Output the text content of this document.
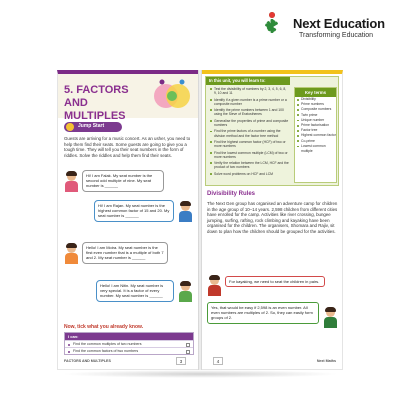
Next Education
Transforming Education
5. FACTORS AND MULTIPLES
Jump Start
Guests are arriving for a music concert. As an usher, you need to help them find their seats. Some guests are going to give you a tough time. They will tell you their seat numbers in the form of riddles. Solve the riddles and help them find their seats.
Hi! I am Falak. My seat number is the second odd multiple of nine. My seat number is ______
Hi! I am Rajan. My seat number is the highest common factor of 15 and 20. My seat number is ______
Hello! I am Moira. My seat number is the first even number that is a multiple of both 7 and 2. My seat number is ______
Hello! I am Nitin. My seat number is very special. It is a factor of every number. My seat number is ______
Now, tick what you already know.
I can:
Find the common multiples of two numbers
Find the common factors of two numbers
FACTORS AND MULTIPLES	3
In this unit, you will learn to:
Test the divisibility of numbers by 2, 3, 4, 5, 6, 8, 9, 10 and 11
Identify if a given number is a prime number or a composite number
Identify the prime numbers between 1 and 100 using the Sieve of Eratosthenes
Generalise the properties of prime and composite numbers
Find the prime factors of a number using the division method and the factor tree method
Find the highest common factor (HCF) of two or more numbers
Find the lowest common multiple (LCM) of two or more numbers
Verify the relation between the LCM, HCF and the product of two numbers
Solve word problems on HCF and LCM
Key terms
Divisibility
Prime numbers
Composite numbers
Twin prime
Unique number
Prime factorisation
Factor tree
Highest common factor
Co-prime
Lowest common multiple
Divisibility Rules
The Next Gen group has organised an adventure camp for children in the age group of 10–14 years. 2,598 children from different cities have enrolled for the camp. Activities like river crossing, bungee jumping, surfing, rafting, rock climbing and kayaking have been organised for the children. The organisers, Shomara and Rajiv, sit down to plan how the children should be grouped for the activities.
For kayaking, we need to seat the children in pairs.
Yes, that would be easy if 2,598 is an even number. All even numbers are multiples of 2. So, they can easily form groups of 2.
4	Next Maths
